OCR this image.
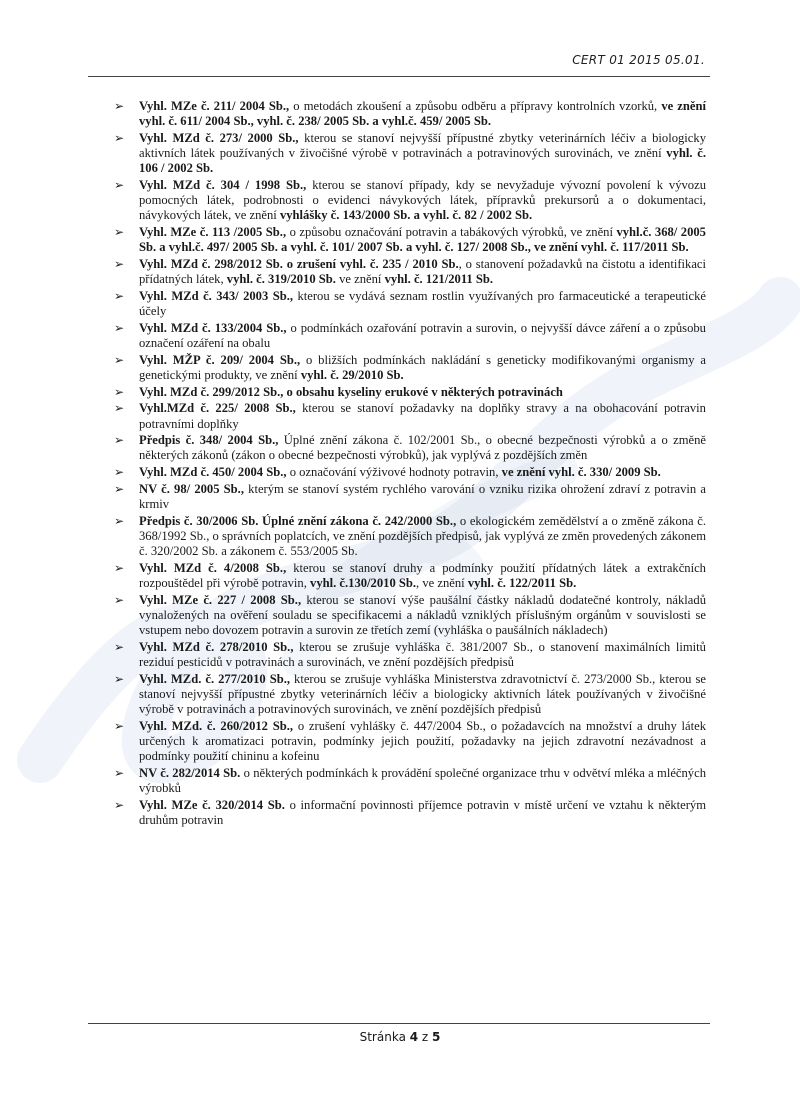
CERT 01 2015 05.01.
➢ Vyhl. MZe č. 211/ 2004 Sb., o metodách zkoušení a způsobu odběru a přípravy kontrolních vzorků, ve znění vyhl. č. 611/ 2004 Sb., vyhl. č. 238/ 2005 Sb. a vyhl.č. 459/ 2005 Sb.
➢ Vyhl. MZd č. 273/ 2000 Sb., kterou se stanoví nejvyšší přípustné zbytky veterinárních léčiv a biologicky aktivních látek používaných v živočišné výrobě v potravinách a potravinových surovinách, ve znění vyhl. č. 106 / 2002 Sb.
➢ Vyhl. MZd č. 304 / 1998 Sb., kterou se stanoví případy, kdy se nevyžaduje vývozní povolení k vývozu pomocných látek, podrobnosti o evidenci návykových látek, přípravků prekursorů a o dokumentaci, návykových látek, ve znění vyhlášky č. 143/2000 Sb. a vyhl. č. 82 / 2002 Sb.
➢ Vyhl. MZe č. 113 /2005 Sb., o způsobu označování potravin a tabákových výrobků, ve znění vyhl.č. 368/ 2005 Sb. a vyhl.č. 497/ 2005 Sb. a vyhl. č. 101/ 2007 Sb. a vyhl. č. 127/ 2008 Sb., ve znění vyhl. č. 117/2011 Sb.
➢ Vyhl. MZd č. 298/2012 Sb. o zrušení vyhl. č. 235 / 2010 Sb., o stanovení požadavků na čistotu a identifikaci přídatných látek, vyhl. č. 319/2010 Sb. ve znění vyhl. č. 121/2011 Sb.
➢ Vyhl. MZd č. 343/ 2003 Sb., kterou se vydává seznam rostlin využívaných pro farmaceutické a terapeutické účely
➢ Vyhl. MZd č. 133/2004 Sb., o podmínkách ozařování potravin a surovin, o nejvyšší dávce záření a o způsobu označení ozáření na obalu
➢ Vyhl. MŽP č. 209/ 2004 Sb., o bližších podmínkách nakládání s geneticky modifikovanými organismy a genetickými produkty, ve znění vyhl. č. 29/2010 Sb.
➢ Vyhl. MZd č. 299/2012 Sb., o obsahu kyseliny erukové v některých potravinách
➢ Vyhl.MZd č. 225/ 2008 Sb., kterou se stanoví požadavky na doplňky stravy a na obohacování potravin potravními doplňky
➢ Předpis č. 348/ 2004 Sb., Úplné znění zákona č. 102/2001 Sb., o obecné bezpečnosti výrobků a o změně některých zákonů (zákon o obecné bezpečnosti výrobků), jak vyplývá z pozdějších změn
➢ Vyhl. MZd č. 450/ 2004 Sb., o označování výživové hodnoty potravin, ve znění vyhl. č. 330/ 2009 Sb.
➢ NV č. 98/ 2005 Sb., kterým se stanoví systém rychlého varování o vzniku rizika ohrožení zdraví z potravin a krmiv
➢ Předpis č. 30/2006 Sb. Úplné znění zákona č. 242/2000 Sb., o ekologickém zemědělství a o změně zákona č. 368/1992 Sb., o správních poplatcích, ve znění pozdějších předpisů, jak vyplývá ze změn provedených zákonem č. 320/2002 Sb. a zákonem č. 553/2005 Sb.
➢ Vyhl. MZd č. 4/2008 Sb., kterou se stanoví druhy a podmínky použití přídatných látek a extrakčních rozpouštědel při výrobě potravin, vyhl. č.130/2010 Sb., ve znění vyhl. č. 122/2011 Sb.
➢ Vyhl. MZe č. 227 / 2008 Sb., kterou se stanoví výše paušální částky nákladů dodatečné kontroly, nákladů vynaložených na ověření souladu se specifikacemi a nákladů vzniklých příslušným orgánům v souvislosti se vstupem nebo dovozem potravin a surovin ze třetích zemí (vyhláška o paušálních nákladech)
➢ Vyhl. MZd č. 278/2010 Sb., kterou se zrušuje vyhláška č. 381/2007 Sb., o stanovení maximálních limitů reziduí pesticidů v potravinách a surovinách, ve znění pozdějších předpisů
➢ Vyhl. MZd. č. 277/2010 Sb., kterou se zrušuje vyhláška Ministerstva zdravotnictví č. 273/2000 Sb., kterou se stanoví nejvyšší přípustné zbytky veterinárních léčiv a biologicky aktivních látek používaných v živočišné výrobě v potravinách a potravinových surovinách, ve znění pozdějších předpisů
➢ Vyhl. MZd. č. 260/2012 Sb., o zrušení vyhlášky č. 447/2004 Sb., o požadavcích na množství a druhy látek určených k aromatizaci potravin, podmínky jejich použití, požadavky na jejich zdravotní nezávadnost a podmínky použití chininu a kofeinu
➢ NV č. 282/2014 Sb. o některých podmínkách k provádění společné organizace trhu v odvětví mléka a mléčných výrobků
➢ Vyhl. MZe č. 320/2014 Sb. o informační povinnosti příjemce potravin v místě určení ve vztahu k některým druhům potravin
Stránka 4 z 5
